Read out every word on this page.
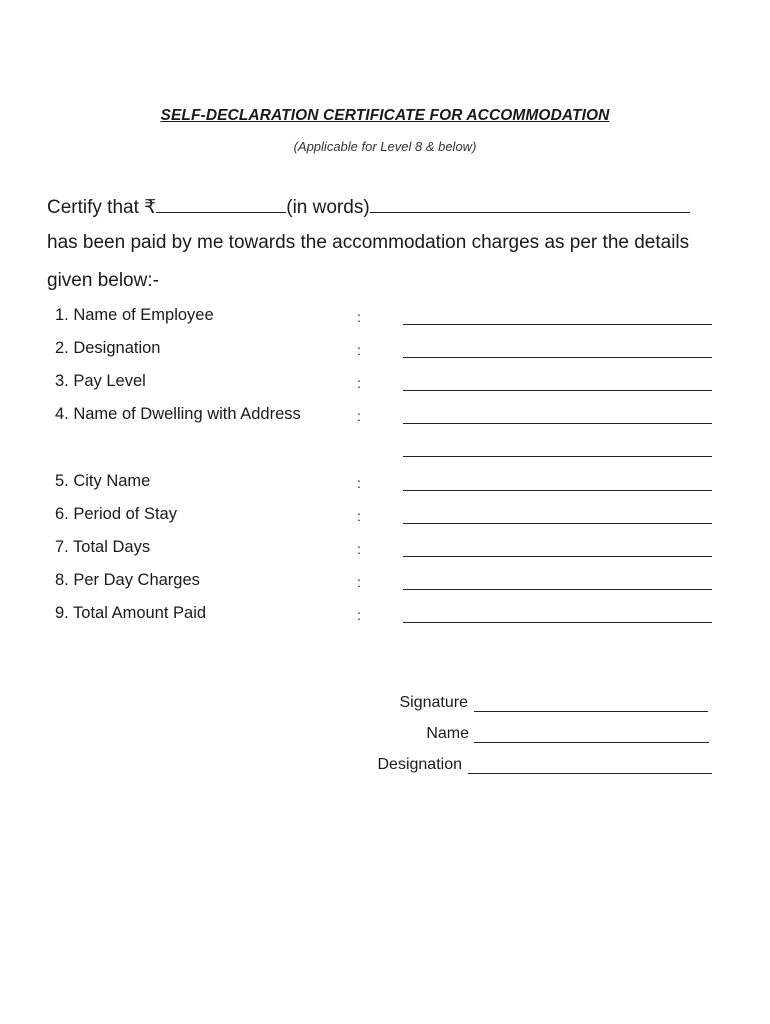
SELF-DECLARATION CERTIFICATE FOR ACCOMMODATION
(Applicable for Level 8 & below)
Certify that ₹	(in words)
has been paid by me towards the accommodation charges as per the details
given below:-
1. Name of Employee	:
2. Designation	:
3. Pay Level	:
4. Name of Dwelling with Address	:
5. City Name	:
6. Period of Stay	:
7. Total Days	:
8. Per Day Charges	:
9. Total Amount Paid	:
Signature
Name
Designation
